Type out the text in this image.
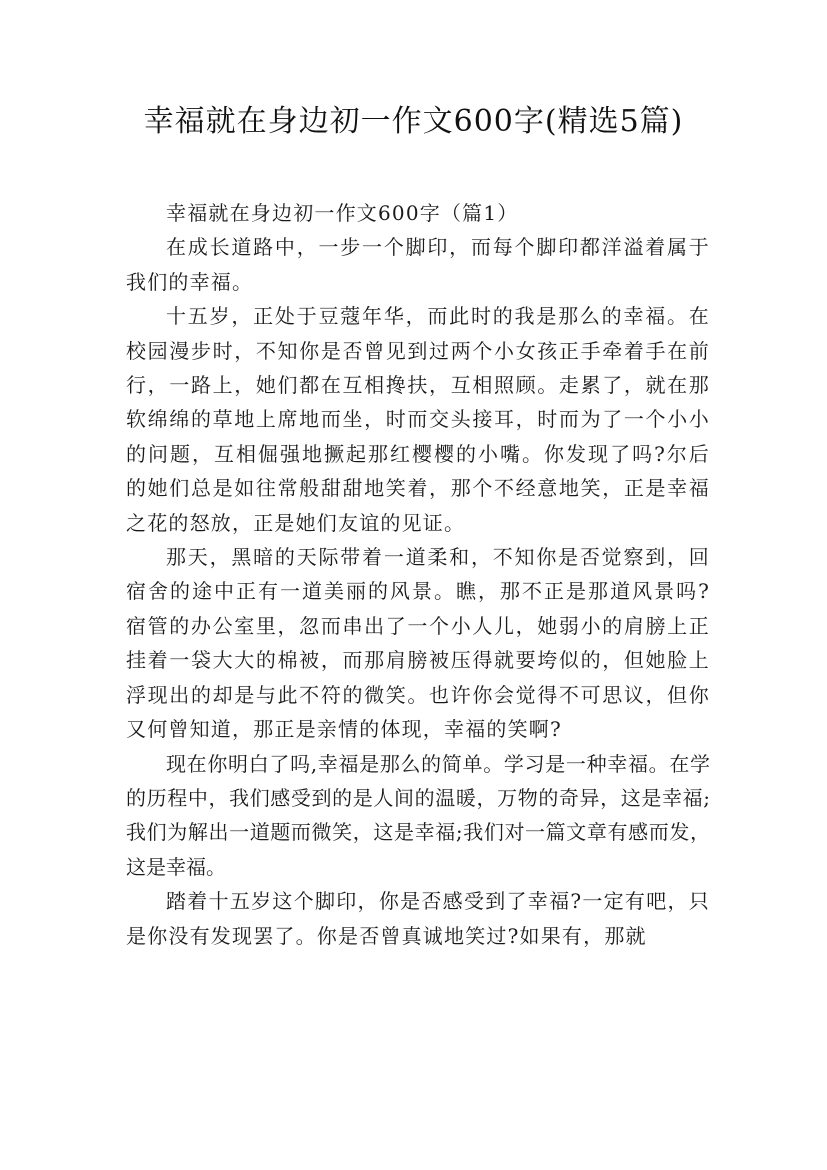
幸福就在身边初一作文600字(精选5篇)

幸福就在身边初一作文600字（篇1）

在成长道路中，一步一个脚印，而每个脚印都洋溢着属于我们的幸福。

十五岁，正处于豆蔻年华，而此时的我是那么的幸福。在校园漫步时，不知你是否曾见到过两个小女孩正手牵着手在前行，一路上，她们都在互相搀扶，互相照顾。走累了，就在那软绵绵的草地上席地而坐，时而交头接耳，时而为了一个小小的问题，互相倔强地撅起那红樱樱的小嘴。你发现了吗?尔后的她们总是如往常般甜甜地笑着，那个不经意地笑，正是幸福之花的怒放，正是她们友谊的见证。

那天，黑暗的天际带着一道柔和，不知你是否觉察到，回宿舍的途中正有一道美丽的风景。瞧，那不正是那道风景吗?宿管的办公室里，忽而串出了一个小人儿，她弱小的肩膀上正挂着一袋大大的棉被，而那肩膀被压得就要垮似的，但她脸上浮现出的却是与此不符的微笑。也许你会觉得不可思议，但你又何曾知道，那正是亲情的体现，幸福的笑啊?

现在你明白了吗,幸福是那么的简单。学习是一种幸福。在学的历程中，我们感受到的是人间的温暖，万物的奇异，这是幸福;我们为解出一道题而微笑，这是幸福;我们对一篇文章有感而发，这是幸福。

踏着十五岁这个脚印，你是否感受到了幸福?一定有吧，只是你没有发现罢了。你是否曾真诚地笑过?如果有，那就
